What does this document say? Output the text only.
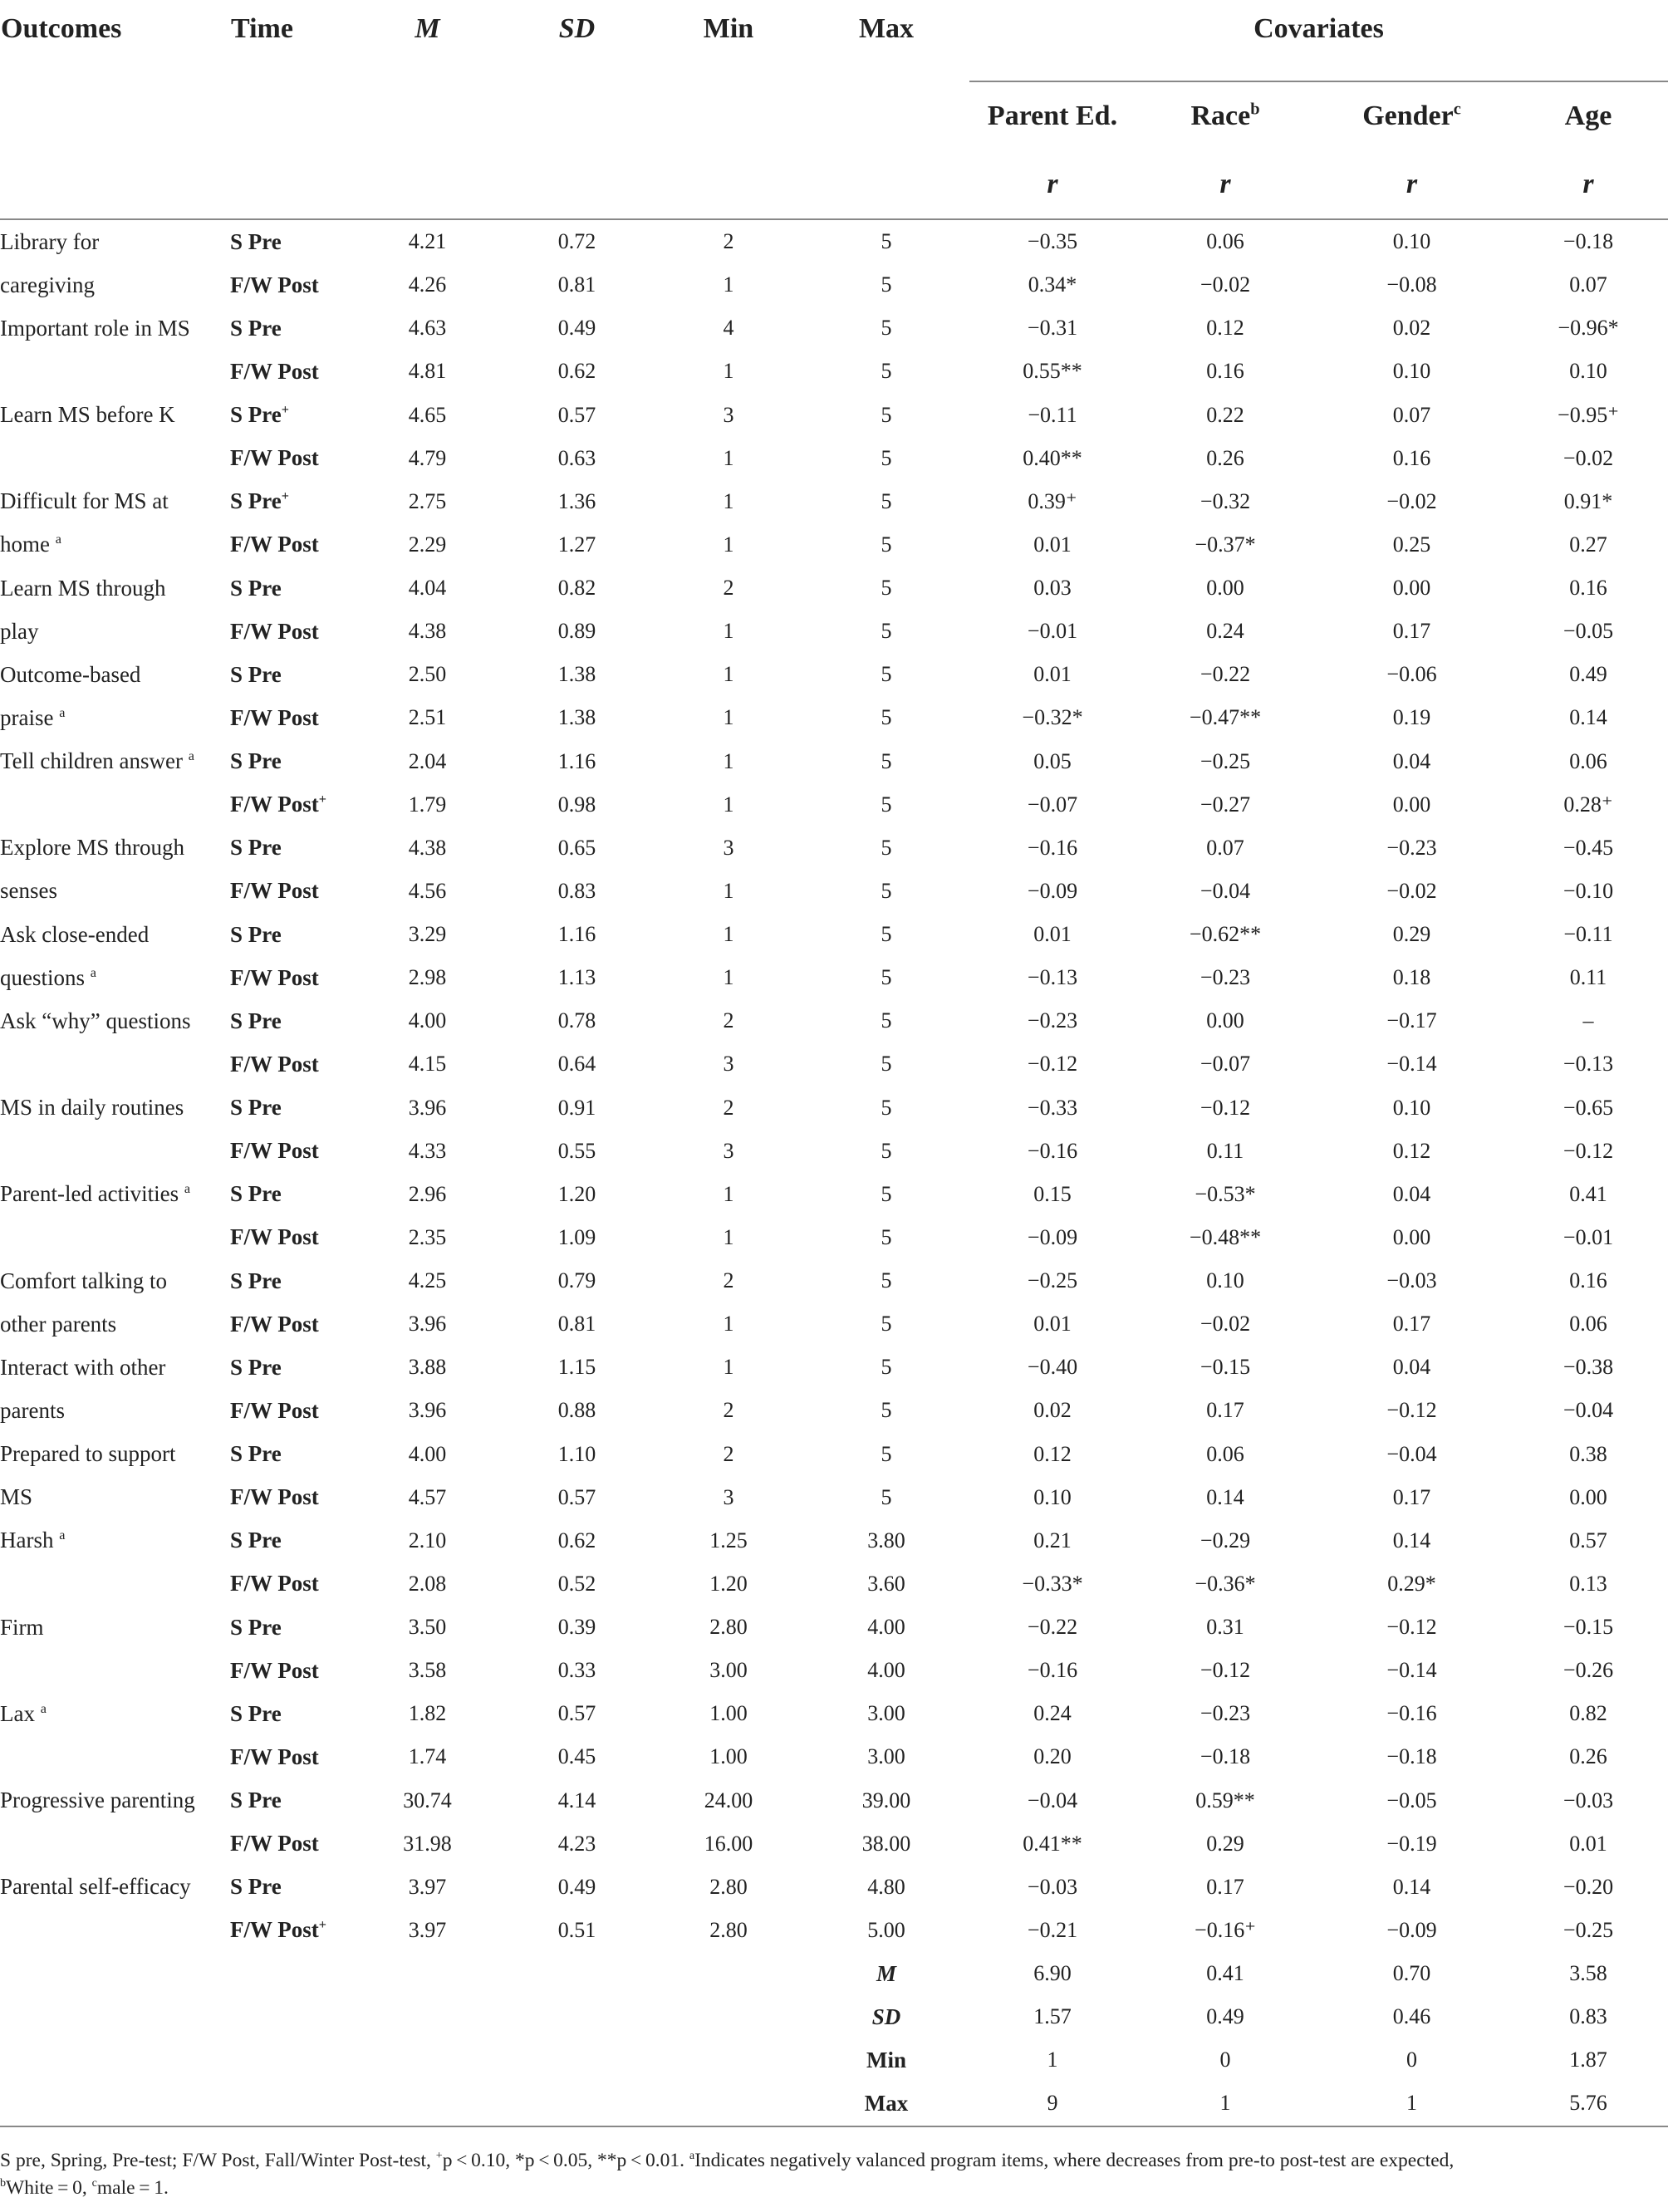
Outcomes	Time	M	SD	Min	Max	Covariates			
						Parent Ed.	Race$^b$	Gender$^c$	Age
						r	r	r	r
Library for	S Pre	4.21	0.72	2	5	−0.35	0.06	0.10	−0.18
caregiving	F/W Post	4.26	0.81	1	5	0.34*	−0.02	−0.08	0.07
Important role in MS	S Pre	4.63	0.49	4	5	−0.31	0.12	0.02	−0.96*
	F/W Post	4.81	0.62	1	5	0.55**	0.16	0.10	0.10
Learn MS before K	S Pre+	4.65	0.57	3	5	−0.11	0.22	0.07	−0.95⁺
	F/W Post	4.79	0.63	1	5	0.40**	0.26	0.16	−0.02
Difficult for MS at	S Pre+	2.75	1.36	1	5	0.39⁺	−0.32	−0.02	0.91*
home $^a$	F/W Post	2.29	1.27	1	5	0.01	−0.37*	0.25	0.27
Learn MS through	S Pre	4.04	0.82	2	5	0.03	0.00	0.00	0.16
play	F/W Post	4.38	0.89	1	5	−0.01	0.24	0.17	−0.05
Outcome-based	S Pre	2.50	1.38	1	5	0.01	−0.22	−0.06	0.49
praise $^a$	F/W Post	2.51	1.38	1	5	−0.32*	−0.47**	0.19	0.14
Tell children answer $^a$	S Pre	2.04	1.16	1	5	0.05	−0.25	0.04	0.06
	F/W Post+	1.79	0.98	1	5	−0.07	−0.27	0.00	0.28⁺
Explore MS through	S Pre	4.38	0.65	3	5	−0.16	0.07	−0.23	−0.45
senses	F/W Post	4.56	0.83	1	5	−0.09	−0.04	−0.02	−0.10
Ask close-ended	S Pre	3.29	1.16	1	5	0.01	−0.62**	0.29	−0.11
questions $^a$	F/W Post	2.98	1.13	1	5	−0.13	−0.23	0.18	0.11
Ask “why” questions	S Pre	4.00	0.78	2	5	−0.23	0.00	−0.17	–
	F/W Post	4.15	0.64	3	5	−0.12	−0.07	−0.14	−0.13
MS in daily routines	S Pre	3.96	0.91	2	5	−0.33	−0.12	0.10	−0.65
	F/W Post	4.33	0.55	3	5	−0.16	0.11	0.12	−0.12
Parent-led activities $^a$	S Pre	2.96	1.20	1	5	0.15	−0.53*	0.04	0.41
	F/W Post	2.35	1.09	1	5	−0.09	−0.48**	0.00	−0.01
Comfort talking to	S Pre	4.25	0.79	2	5	−0.25	0.10	−0.03	0.16
other parents	F/W Post	3.96	0.81	1	5	0.01	−0.02	0.17	0.06
Interact with other	S Pre	3.88	1.15	1	5	−0.40	−0.15	0.04	−0.38
parents	F/W Post	3.96	0.88	2	5	0.02	0.17	−0.12	−0.04
Prepared to support	S Pre	4.00	1.10	2	5	0.12	0.06	−0.04	0.38
MS	F/W Post	4.57	0.57	3	5	0.10	0.14	0.17	0.00
Harsh $^a$	S Pre	2.10	0.62	1.25	3.80	0.21	−0.29	0.14	0.57
	F/W Post	2.08	0.52	1.20	3.60	−0.33*	−0.36*	0.29*	0.13
Firm	S Pre	3.50	0.39	2.80	4.00	−0.22	0.31	−0.12	−0.15
	F/W Post	3.58	0.33	3.00	4.00	−0.16	−0.12	−0.14	−0.26
Lax $^a$	S Pre	1.82	0.57	1.00	3.00	0.24	−0.23	−0.16	0.82
	F/W Post	1.74	0.45	1.00	3.00	0.20	−0.18	−0.18	0.26
Progressive parenting	S Pre	30.74	4.14	24.00	39.00	−0.04	0.59**	−0.05	−0.03
	F/W Post	31.98	4.23	16.00	38.00	0.41**	0.29	−0.19	0.01
Parental self-efficacy	S Pre	3.97	0.49	2.80	4.80	−0.03	0.17	0.14	−0.20
	F/W Post+	3.97	0.51	2.80	5.00	−0.21	−0.16⁺	−0.09	−0.25
					M	6.90	0.41	0.70	3.58
					SD	1.57	0.49	0.46	0.83
					Min	1	0	0	1.87
					Max	9	1	1	5.76

S pre, Spring, Pre-test; F/W Post, Fall/Winter Post-test, +p < 0.10, *p < 0.05, **p < 0.01. $^a$Indicates negatively valanced program items, where decreases from pre-to post-test are expected,

$^b$White = 0, $^c$male = 1.
